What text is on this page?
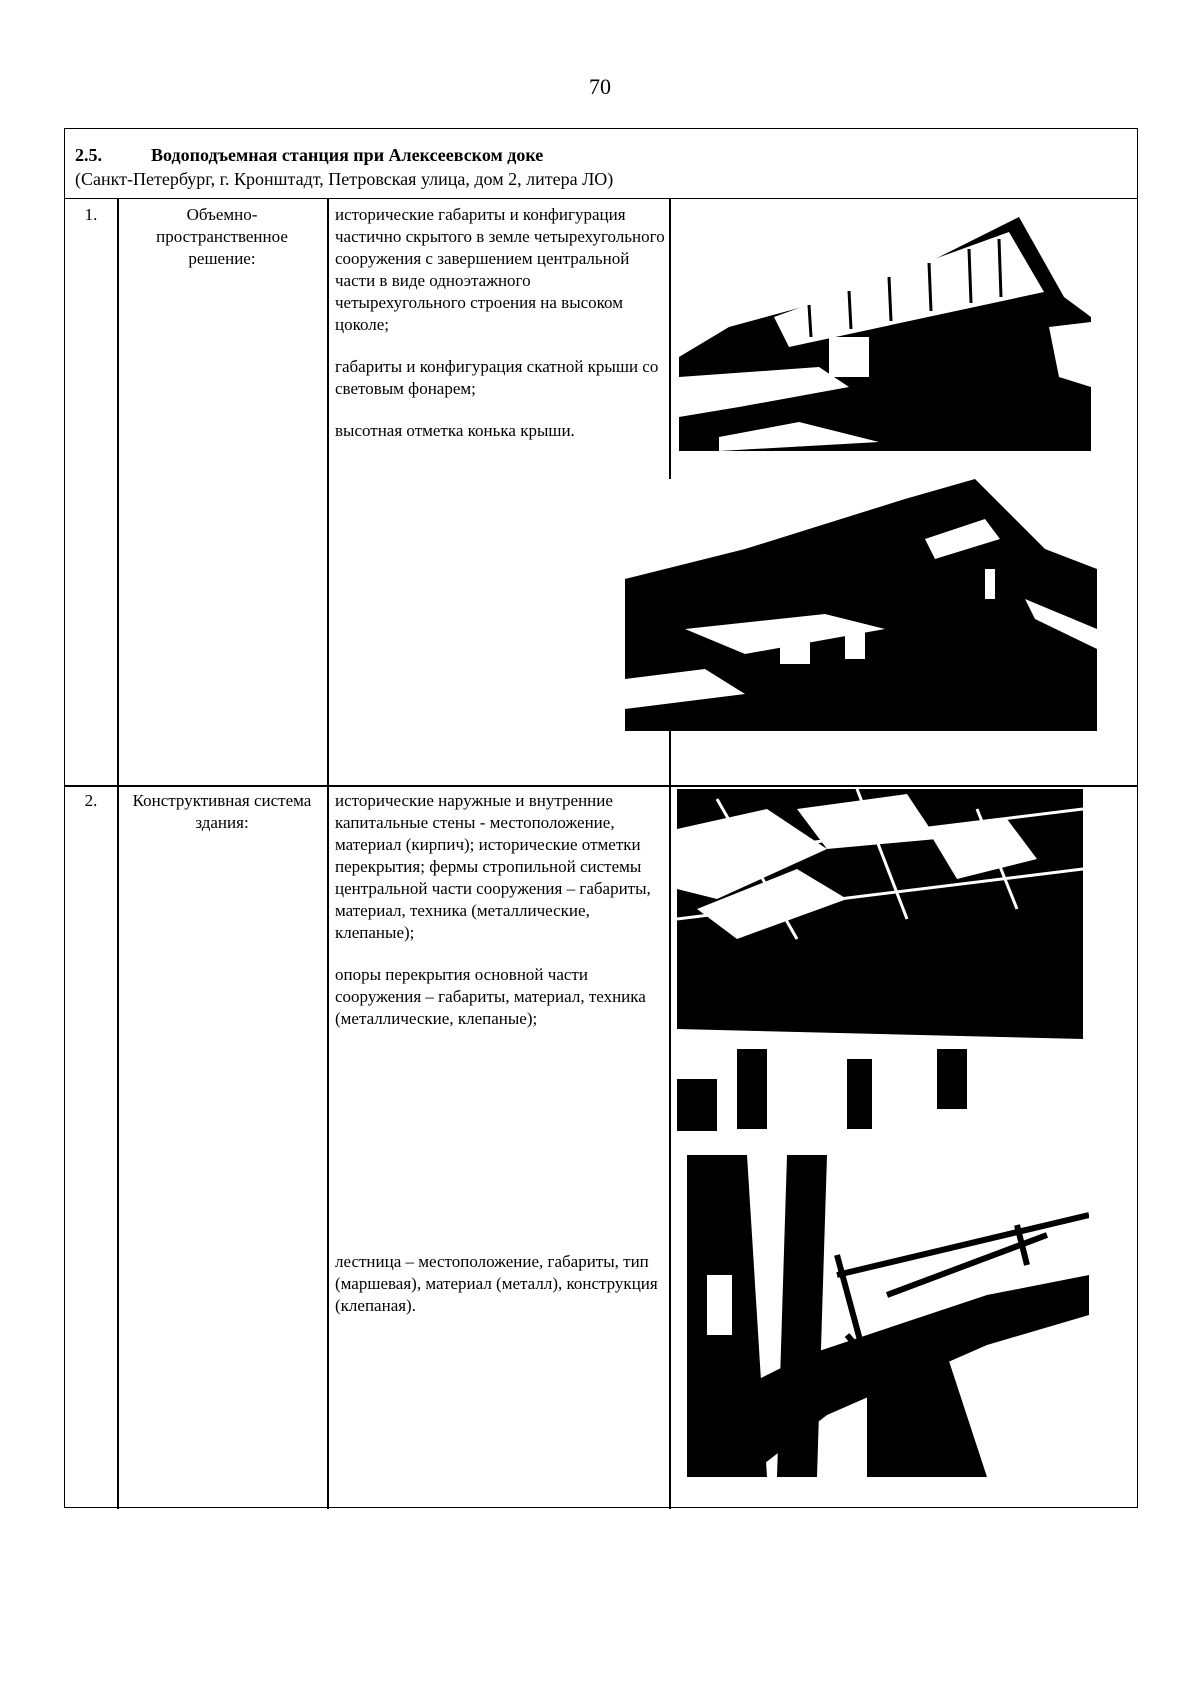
70
2.5.	Водоподъемная станция при Алексеевском доке
(Санкт-Петербург, г. Кронштадт, Петровская улица, дом 2, литера ЛО)
1.	Объемно-пространственное решение:

исторические габариты и конфигурация частично скрытого в земле четырехугольного сооружения с завершением центральной части в виде одноэтажного четырехугольного строения на высоком цоколе;

габариты и конфигурация скатной крыши со световым фонарем;

высотная отметка конька крыши.

2.	Конструктивная система здания:

исторические наружные и внутренние капитальные стены - местоположение, материал (кирпич); исторические отметки перекрытия; фермы стропильной системы центральной части сооружения – габариты, материал, техника (металлические, клепаные);

опоры перекрытия основной части сооружения – габариты, материал, техника (металлические, клепаные);

лестница – местоположение, габариты, тип (маршевая), материал (металл), конструкция (клепаная).
